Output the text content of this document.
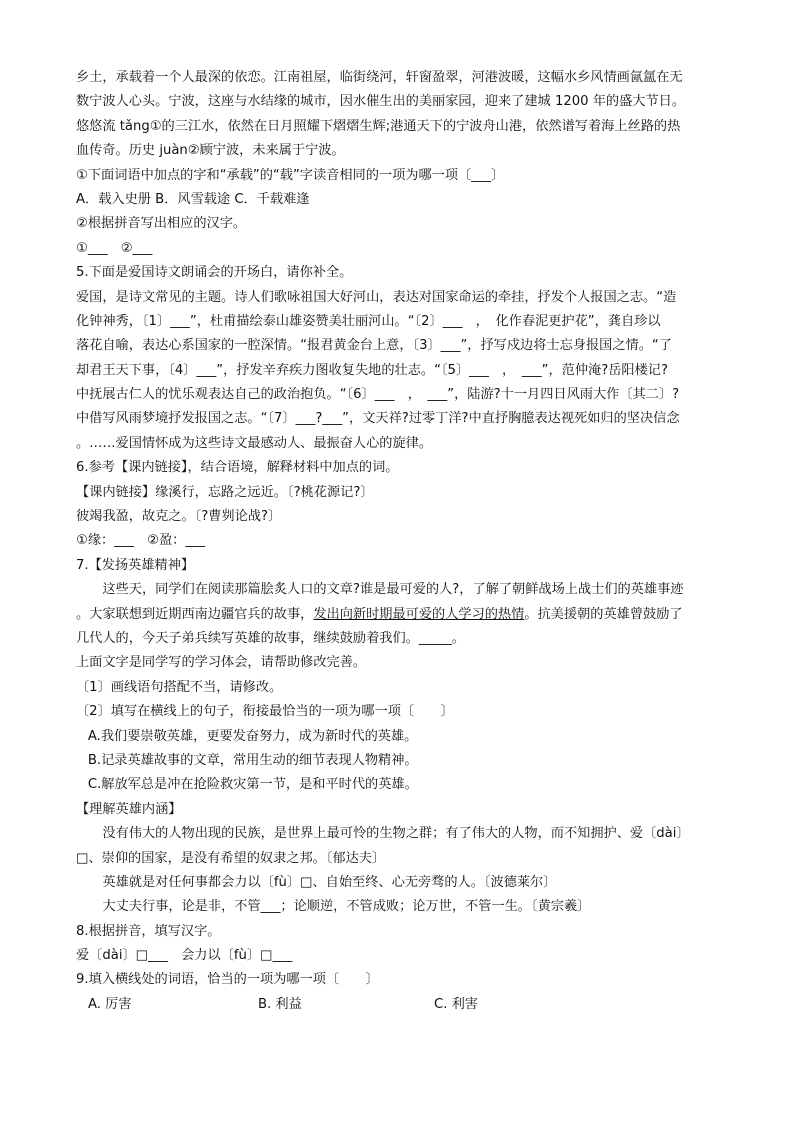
乡土，承载着一个人最深的依恋。江南祖屋，临街绕河，轩窗盈翠，河港波暖，这幅水乡风情画氤氲在无
数宁波人心头。宁波，这座与水结缘的城市，因水催生出的美丽家园，迎来了建城 1200 年的盛大节日。
悠悠流 tǎng①的三江水，依然在日月照耀下熠熠生辉;港通天下的宁波舟山港，依然谱写着海上丝路的热
血传奇。历史 juàn②顾宁波，未来属于宁波。
①下面词语中加点的字和“承载”的“载”字读音相同的一项为哪一项〔___〕
A．载入史册 B．风雪载途 C．千载难逢
②根据拼音写出相应的汉字。
①___　②___
5.下面是爱国诗文朗诵会的开场白，请你补全。
爱国，是诗文常见的主题。诗人们歌咏祖国大好河山，表达对国家命运的牵挂，抒发个人报国之志。“造
化钟神秀，〔1〕___”，杜甫描绘泰山雄姿赞美壮丽河山。“〔2〕___　，　化作春泥更护花”，龚自珍以
落花自喻，表达心系国家的一腔深情。“报君黄金台上意，〔3〕___”，抒写戍边将士忘身报国之情。“了
却君王天下事，〔4〕___”，抒发辛弃疾力图收复失地的壮志。“〔5〕___　，　___”，范仲淹?岳阳楼记?
中抚展古仁人的忧乐观表达自己的政治抱负。“〔6〕___　，　___”，陆游?十一月四日风雨大作〔其二〕?
中借写风雨梦境抒发报国之志。“〔7〕___?___”，文天祥?过零丁洋?中直抒胸臆表达视死如归的坚决信念
。……爱国情怀成为这些诗文最感动人、最振奋人心的旋律。
6.参考【课内链接】，结合语境，解释材料中加点的词。
【课内链接】缘溪行，忘路之远近。〔?桃花源记?〕
彼竭我盈，故克之。〔?曹刿论战?〕
①缘：___　②盈：___
7.【发扬英雄精神】
这些天，同学们在阅读那篇脍炙人口的文章?谁是最可爱的人?，了解了朝鲜战场上战士们的英雄事迹
。大家联想到近期西南边疆官兵的故事，发出向新时期最可爱的人学习的热情。抗美援朝的英雄曾鼓励了
几代人的，今天子弟兵续写英雄的故事，继续鼓励着我们。_____。
上面文字是同学写的学习体会，请帮助修改完善。
〔1〕画线语句搭配不当，请修改。
〔2〕填写在横线上的句子，衔接最恰当的一项为哪一项〔　　〕
A.我们要崇敬英雄，更要发奋努力，成为新时代的英雄。
B.记录英雄故事的文章，常用生动的细节表现人物精神。
C.解放军总是冲在抢险救灾第一节，是和平时代的英雄。
【理解英雄内涵】
没有伟大的人物出现的民族，是世界上最可怜的生物之群；有了伟大的人物，而不知拥护、爱〔dài〕
□、崇仰的国家，是没有希望的奴隶之邦。〔郁达夫〕
英雄就是对任何事都会力以〔fù〕□、自始至终、心无旁骛的人。〔波德莱尔〕
大丈夫行事，论是非，不管___；论顺逆，不管成败；论万世，不管一生。〔黄宗羲〕
8.根据拼音，填写汉字。
爱〔dài〕□___　会力以〔fù〕□___
9.填入横线处的词语，恰当的一项为哪一项〔　　〕
A. 厉害	B. 利益	C. 利害
